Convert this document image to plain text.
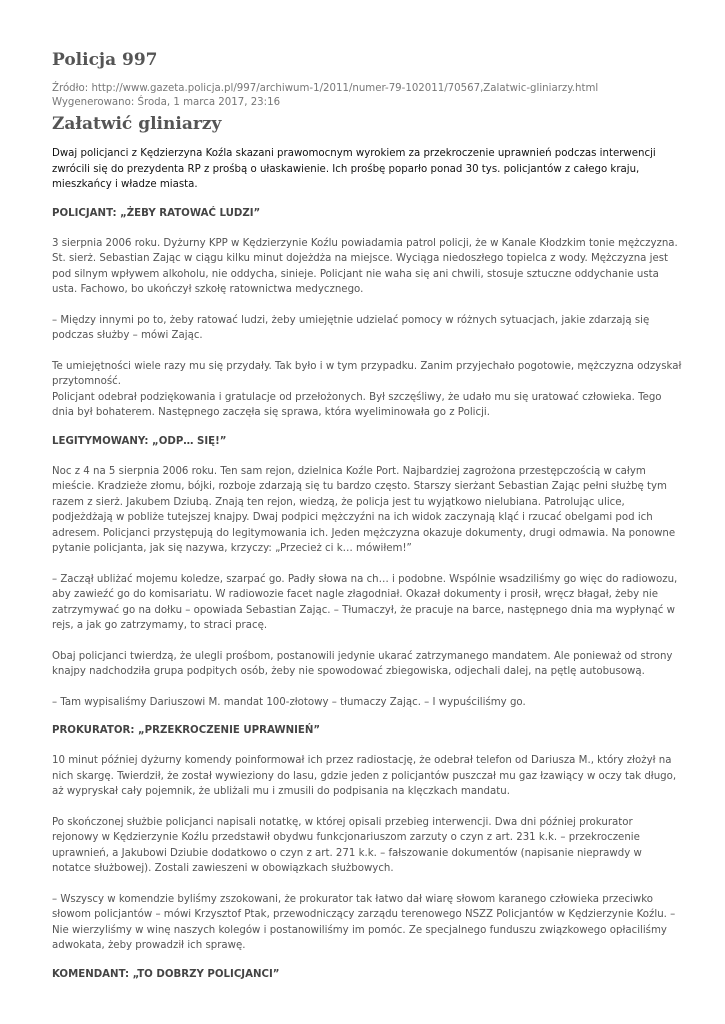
Policja 997
Źródło: http://www.gazeta.policja.pl/997/archiwum-1/2011/numer-79-102011/70567,Zalatwic-gliniarzy.html
Wygenerowano: Środa, 1 marca 2017, 23:16
Załatwić gliniarzy

Dwaj policjanci z Kędzierzyna Koźla skazani prawomocnym wyrokiem za przekroczenie uprawnień podczas interwencji zwrócili się do prezydenta RP z prośbą o ułaskawienie. Ich prośbę poparło ponad 30 tys. policjantów z całego kraju, mieszkańcy i władze miasta.

POLICJANT: „ŻEBY RATOWAĆ LUDZI”

3 sierpnia 2006 roku. Dyżurny KPP w Kędzierzynie Koźlu powiadamia patrol policji, że w Kanale Kłodzkim tonie mężczyzna. St. sierż. Sebastian Zając w ciągu kilku minut dojeżdża na miejsce. Wyciąga niedoszłego topielca z wody. Mężczyzna jest pod silnym wpływem alkoholu, nie oddycha, sinieje. Policjant nie waha się ani chwili, stosuje sztuczne oddychanie usta usta. Fachowo, bo ukończył szkołę ratownictwa medycznego.

– Między innymi po to, żeby ratować ludzi, żeby umiejętnie udzielać pomocy w różnych sytuacjach, jakie zdarzają się podczas służby – mówi Zając.

Te umiejętności wiele razy mu się przydały. Tak było i w tym przypadku. Zanim przyjechało pogotowie, mężczyzna odzyskał przytomność.

Policjant odebrał podziękowania i gratulacje od przełożonych. Był szczęśliwy, że udało mu się uratować człowieka. Tego dnia był bohaterem. Następnego zaczęła się sprawa, która wyeliminowała go z Policji.

LEGITYMOWANY: „ODP… SIĘ!”

Noc z 4 na 5 sierpnia 2006 roku. Ten sam rejon, dzielnica Koźle Port. Najbardziej zagrożona przestępczością w całym mieście. Kradzieże złomu, bójki, rozboje zdarzają się tu bardzo często. Starszy sierżant Sebastian Zając pełni służbę tym razem z sierż. Jakubem Dziubą. Znają ten rejon, wiedzą, że policja jest tu wyjątkowo nielubiana. Patrolując ulice, podjeżdżają w pobliże tutejszej knajpy. Dwaj podpici mężczyźni na ich widok zaczynają kląć i rzucać obelgami pod ich adresem. Policjanci przystępują do legitymowania ich. Jeden mężczyzna okazuje dokumenty, drugi odmawia. Na ponowne pytanie policjanta, jak się nazywa, krzyczy: „Przecież ci k… mówiłem!”

– Zaczął ubliżać mojemu koledze, szarpać go. Padły słowa na ch… i podobne. Wspólnie wsadziliśmy go więc do radiowozu, aby zawieźć go do komisariatu. W radiowozie facet nagle złagodniał. Okazał dokumenty i prosił, wręcz błagał, żeby nie zatrzymywać go na dołku – opowiada Sebastian Zając. – Tłumaczył, że pracuje na barce, następnego dnia ma wypłynąć w rejs, a jak go zatrzymamy, to straci pracę.

Obaj policjanci twierdzą, że ulegli prośbom, postanowili jedynie ukarać zatrzymanego mandatem. Ale ponieważ od strony knajpy nadchodziła grupa podpitych osób, żeby nie spowodować zbiegowiska, odjechali dalej, na pętlę autobusową.

– Tam wypisaliśmy Dariuszowi M. mandat 100-złotowy – tłumaczy Zając. – I wypuściliśmy go.

PROKURATOR: „PRZEKROCZENIE UPRAWNIEŃ”

10 minut później dyżurny komendy poinformował ich przez radiostację, że odebrał telefon od Dariusza M., który złożył na nich skargę. Twierdził, że został wywieziony do lasu, gdzie jeden z policjantów puszczał mu gaz łzawiący w oczy tak długo, aż wypryskał cały pojemnik, że ubliżali mu i zmusili do podpisania na klęczkach mandatu.

Po skończonej służbie policjanci napisali notatkę, w której opisali przebieg interwencji. Dwa dni później prokurator rejonowy w Kędzierzynie Koźlu przedstawił obydwu funkcjonariuszom zarzuty o czyn z art. 231 k.k. – przekroczenie uprawnień, a Jakubowi Dziubie dodatkowo o czyn z art. 271 k.k. – fałszowanie dokumentów (napisanie nieprawdy w notatce służbowej). Zostali zawieszeni w obowiązkach służbowych.

– Wszyscy w komendzie byliśmy zszokowani, że prokurator tak łatwo dał wiarę słowom karanego człowieka przeciwko słowom policjantów – mówi Krzysztof Ptak, przewodniczący zarządu terenowego NSZZ Policjantów w Kędzierzynie Koźlu. – Nie wierzyliśmy w winę naszych kolegów i postanowiliśmy im pomóc. Ze specjalnego funduszu związkowego opłaciliśmy adwokata, żeby prowadził ich sprawę.

KOMENDANT: „TO DOBRZY POLICJANCI”
